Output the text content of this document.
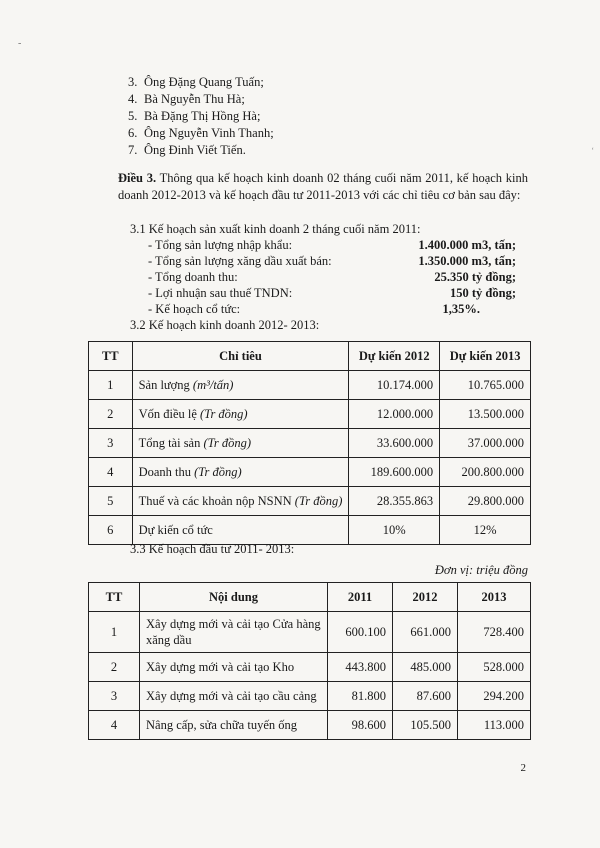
-
ʻ
3. Ông Đặng Quang Tuấn;
4. Bà Nguyễn Thu Hà;
5. Bà Đặng Thị Hồng Hà;
6. Ông Nguyễn Vinh Thanh;
7. Ông Đinh Viết Tiến.

Điều 3. Thông qua kế hoạch kinh doanh 02 tháng cuối năm 2011, kế hoạch kinh doanh 2012-2013 và kế hoạch đầu tư 2011-2013 với các chỉ tiêu cơ bản sau đây:

3.1 Kế hoạch sản xuất kinh doanh 2 tháng cuối năm 2011:
- Tổng sản lượng nhập khẩu:	1.400.000 m3, tấn;
- Tổng sản lượng xăng dầu xuất bán:	1.350.000 m3, tấn;
- Tổng doanh thu:	25.350 tỷ đồng;
- Lợi nhuận sau thuế TNDN:	150 tỷ đồng;
- Kế hoạch cổ tức:	1,35%.
3.2 Kế hoạch kinh doanh 2012- 2013:
TT	Chỉ tiêu	Dự kiến 2012	Dự kiến 2013
1	Sản lượng (m³/tấn)	10.174.000	10.765.000
2	Vốn điều lệ (Tr đồng)	12.000.000	13.500.000
3	Tổng tài sản (Tr đồng)	33.600.000	37.000.000
4	Doanh thu (Tr đồng)	189.600.000	200.800.000
5	Thuế và các khoản nộp NSNN (Tr đồng)	28.355.863	29.800.000
6	Dự kiến cổ tức	10%	12%
3.3 Kế hoạch đầu tư 2011- 2013:
Đơn vị: triệu đồng
TT	Nội dung	2011	2012	2013
1	Xây dựng mới và cải tạo Cửa hàng xăng dầu	600.100	661.000	728.400
2	Xây dựng mới và cải tạo Kho	443.800	485.000	528.000
3	Xây dựng mới và cải tạo cầu cảng	81.800	87.600	294.200
4	Nâng cấp, sửa chữa tuyến ống	98.600	105.500	113.000
2
